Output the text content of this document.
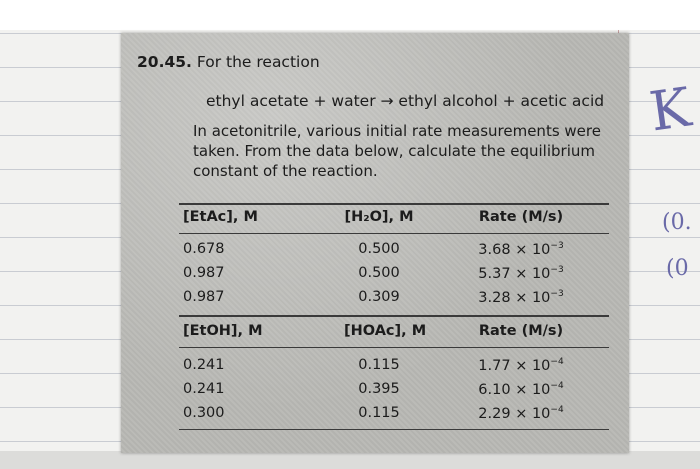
20.45. For the reaction
ethyl acetate + water → ethyl alcohol + acetic acid
In acetonitrile, various initial rate measurements were taken. From the data below, calculate the equilibrium constant of the reaction.
[EtAc], M	[H₂O], M	Rate (M/s)
0.678	0.500	$3.68 \times 10^{-3}$
0.987	0.500	$5.37 \times 10^{-3}$
0.987	0.309	$3.28 \times 10^{-3}$
[EtOH], M	[HOAc], M	Rate (M/s)
0.241	0.115	$1.77 \times 10^{-4}$
0.241	0.395	$6.10 \times 10^{-4}$
0.300	0.115	$2.29 \times 10^{-4}$
K
(0.
(0
